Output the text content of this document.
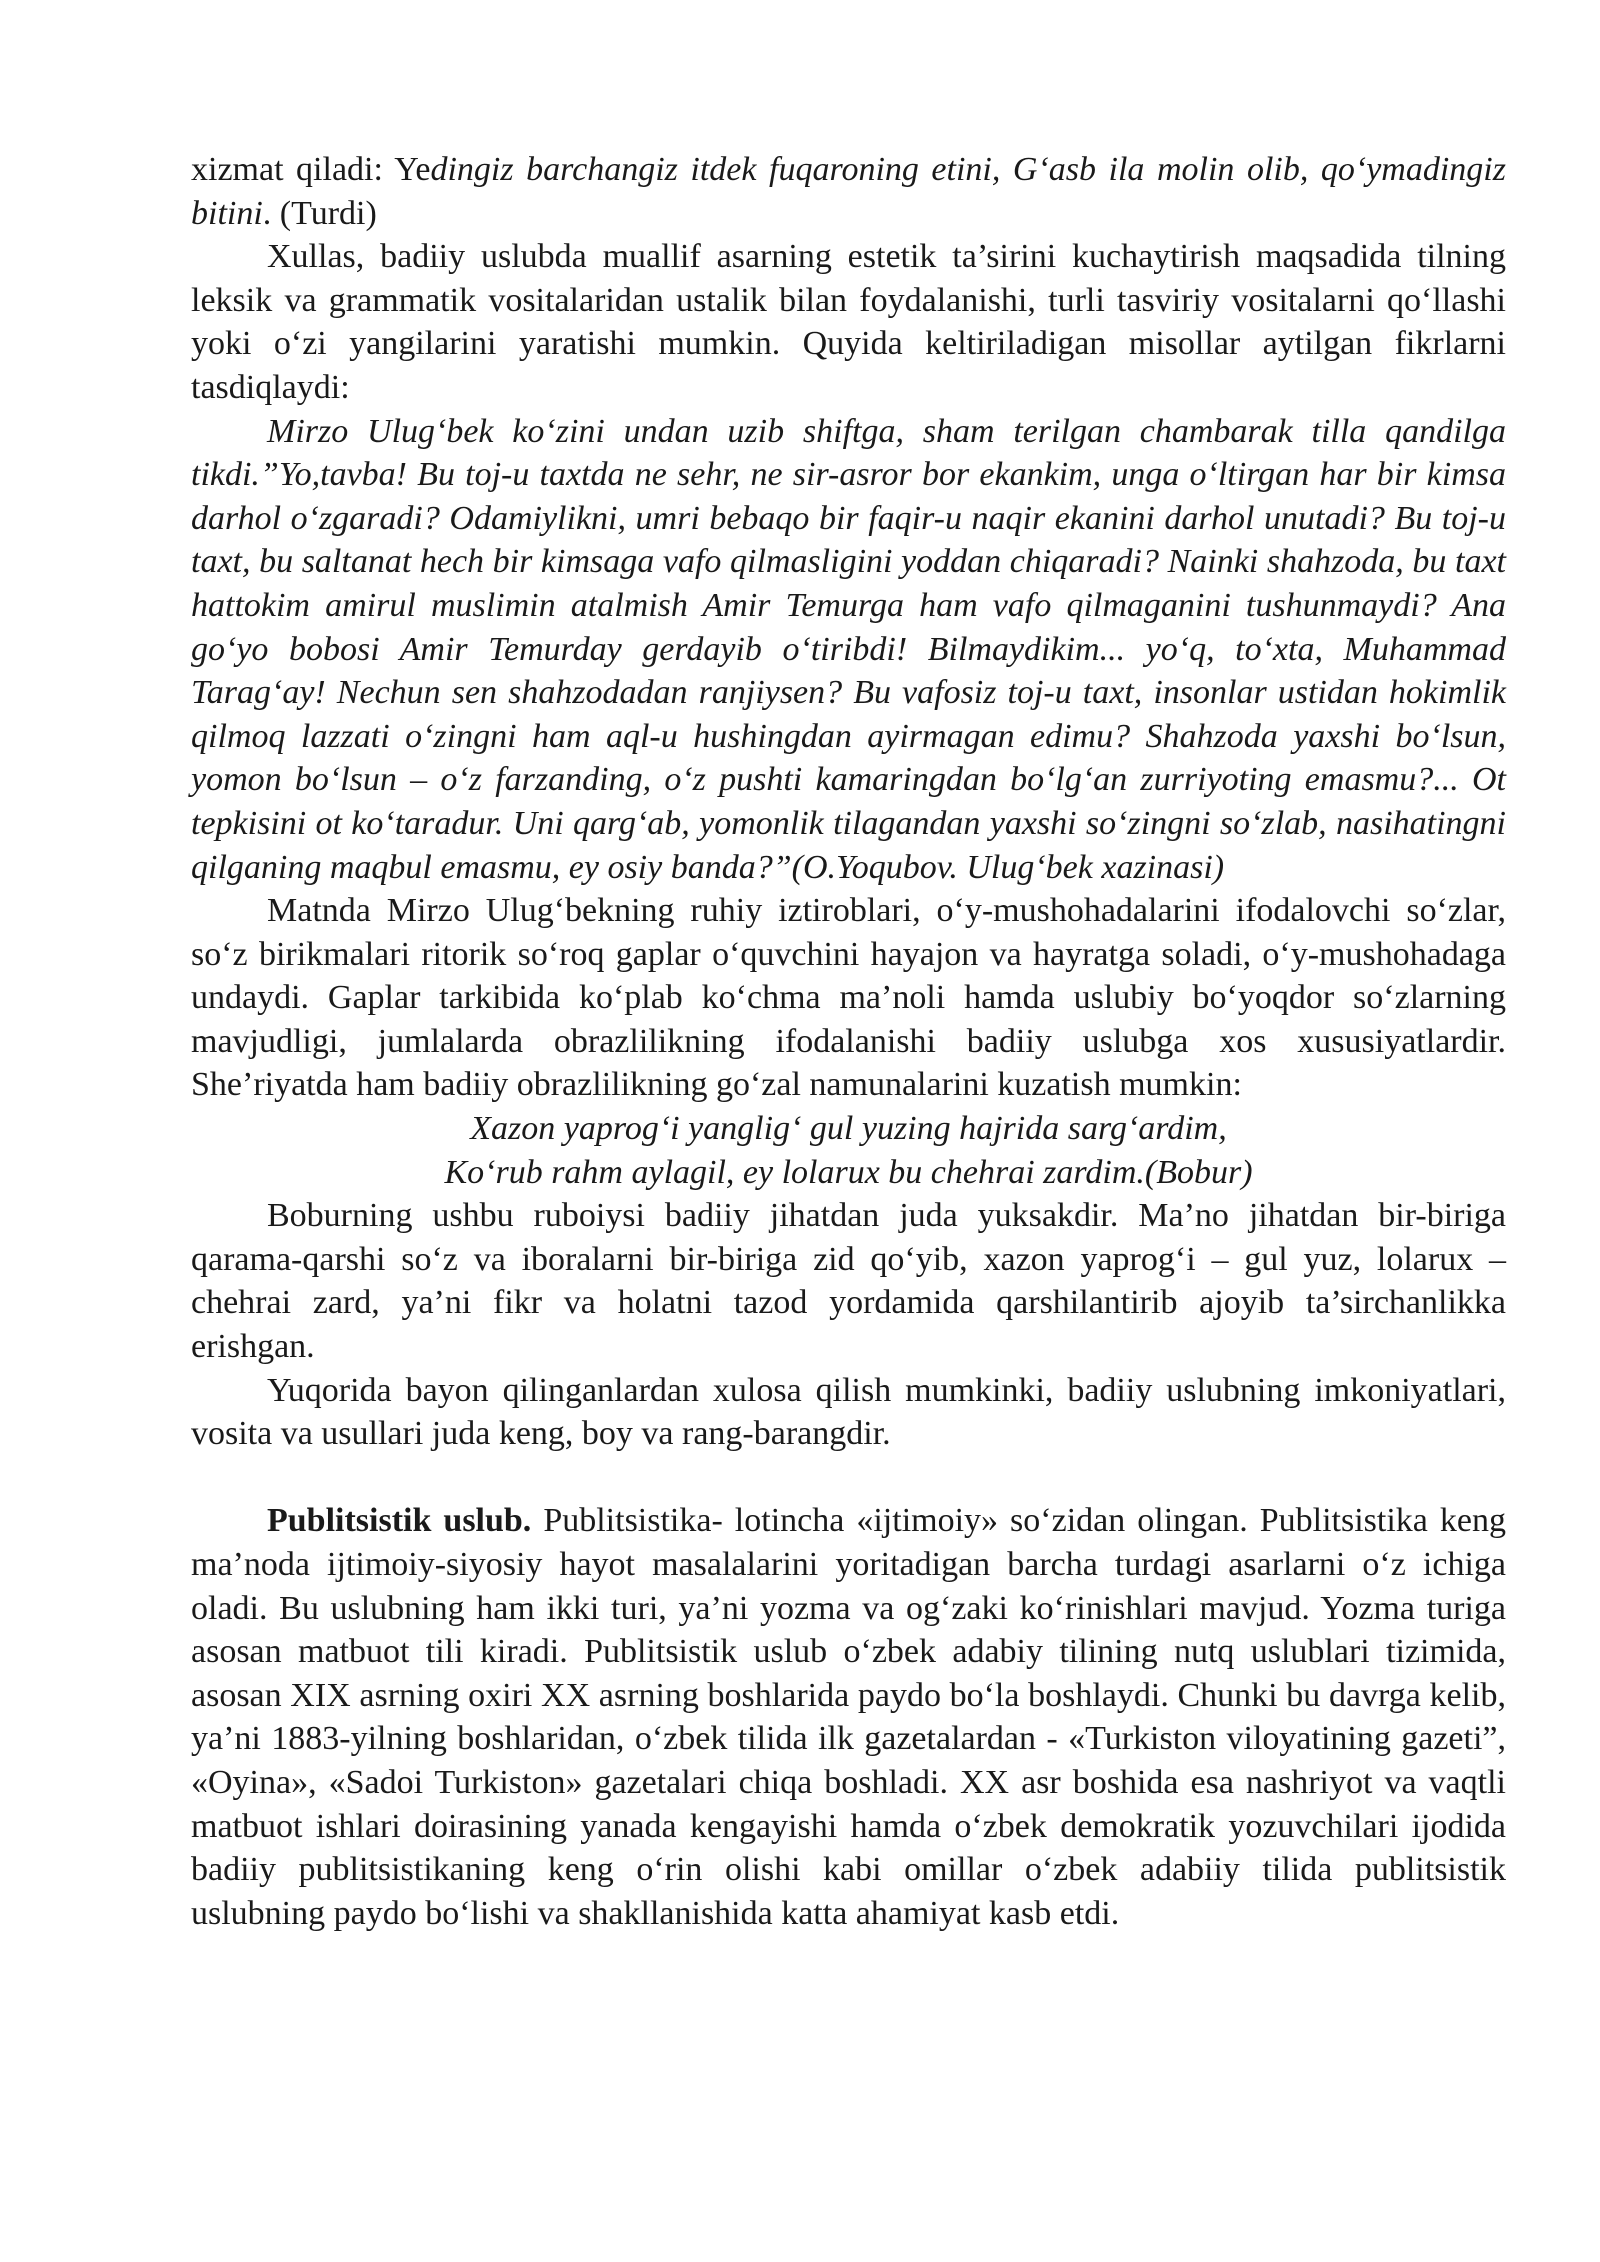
xizmat qiladi: Yedingiz barchangiz itdek fuqaroning etini, G‘asb ila molin olib, qo‘ymadingiz bitini. (Turdi)

Xullas, badiiy uslubda muallif asarning estetik ta’sirini kuchaytirish maqsadida tilning leksik va grammatik vositalaridan ustalik bilan foydalanishi, turli tasviriy vositalarni qo‘llashi yoki o‘zi yangilarini yaratishi mumkin. Quyida keltiriladigan misollar aytilgan fikrlarni tasdiqlaydi:

Mirzo Ulug‘bek ko‘zini undan uzib shiftga, sham terilgan chambarak tilla qandilga tikdi.”Yo,tavba! Bu toj-u taxtda ne sehr, ne sir-asror bor ekankim, unga o‘ltirgan har bir kimsa darhol o‘zgaradi? Odamiylikni, umri bebaqo bir faqir-u naqir ekanini darhol unutadi? Bu toj-u taxt, bu saltanat hech bir kimsaga vafo qilmasligini yoddan chiqaradi? Nainki shahzoda, bu taxt hattokim amirul muslimin atalmish Amir Temurga ham vafo qilmaganini tushunmaydi? Ana go‘yo bobosi Amir Temurday gerdayib o‘tiribdi! Bilmaydikim... yo‘q, to‘xta, Muhammad Tarag‘ay! Nechun sen shahzodadan ranjiysen? Bu vafosiz toj-u taxt, insonlar ustidan hokimlik qilmoq lazzati o‘zingni ham aql-u hushingdan ayirmagan edimu? Shahzoda yaxshi bo‘lsun, yomon bo‘lsun – o‘z farzanding, o‘z pushti kamaringdan bo‘lg‘an zurriyoting emasmu?... Ot tepkisini ot ko‘taradur. Uni qarg‘ab, yomonlik tilagandan yaxshi so‘zingni so‘zlab, nasihatingni qilganing maqbul emasmu, ey osiy banda?”(O.Yoqubov. Ulug‘bek xazinasi)

Matnda Mirzo Ulug‘bekning ruhiy iztiroblari, o‘y-mushohadalarini ifodalovchi so‘zlar, so‘z birikmalari ritorik so‘roq gaplar o‘quvchini hayajon va hayratga soladi, o‘y-mushohadaga undaydi. Gaplar tarkibida ko‘plab ko‘chma ma’noli hamda uslubiy bo‘yoqdor so‘zlarning mavjudligi, jumlalarda obrazlilikning ifodalanishi badiiy uslubga xos xususiyatlardir. She’riyatda ham badiiy obrazlilikning go‘zal namunalarini kuzatish mumkin:

Xazon yaprog‘i yanglig‘ gul yuzing hajrida sarg‘ardim,
Ko‘rub rahm aylagil, ey lolarux bu chehrai zardim.(Bobur)

Boburning ushbu ruboiysi badiiy jihatdan juda yuksakdir. Ma’no jihatdan bir-biriga qarama-qarshi so‘z va iboralarni bir-biriga zid qo‘yib, xazon yaprog‘i – gul yuz, lolarux – chehrai zard, ya’ni fikr va holatni tazod yordamida qarshilantirib ajoyib ta’sirchanlikka erishgan.

Yuqorida bayon qilinganlardan xulosa qilish mumkinki, badiiy uslubning imkoniyatlari, vosita va usullari juda keng, boy va rang-barangdir.

Publitsistik uslub. Publitsistika- lotincha «ijtimoiy» so‘zidan olingan. Publitsistika keng ma’noda ijtimoiy-siyosiy hayot masalalarini yoritadigan barcha turdagi asarlarni o‘z ichiga oladi. Bu uslubning ham ikki turi, ya’ni yozma va og‘zaki ko‘rinishlari mavjud. Yozma turiga asosan matbuot tili kiradi. Publitsistik uslub o‘zbek adabiy tilining nutq uslublari tizimida, asosan XIX asrning oxiri XX asrning boshlarida paydo bo‘la boshlaydi. Chunki bu davrga kelib, ya’ni 1883-yilning boshlaridan, o‘zbek tilida ilk gazetalardan - «Turkiston viloyatining gazeti”, «Oyina», «Sadoi Turkiston» gazetalari chiqa boshladi. XX asr boshida esa nashriyot va vaqtli matbuot ishlari doirasining yanada kengayishi hamda o‘zbek demokratik yozuvchilari ijodida badiiy publitsistikaning keng o‘rin olishi kabi omillar o‘zbek adabiiy tilida publitsistik uslubning paydo bo‘lishi va shakllanishida katta ahamiyat kasb etdi.
